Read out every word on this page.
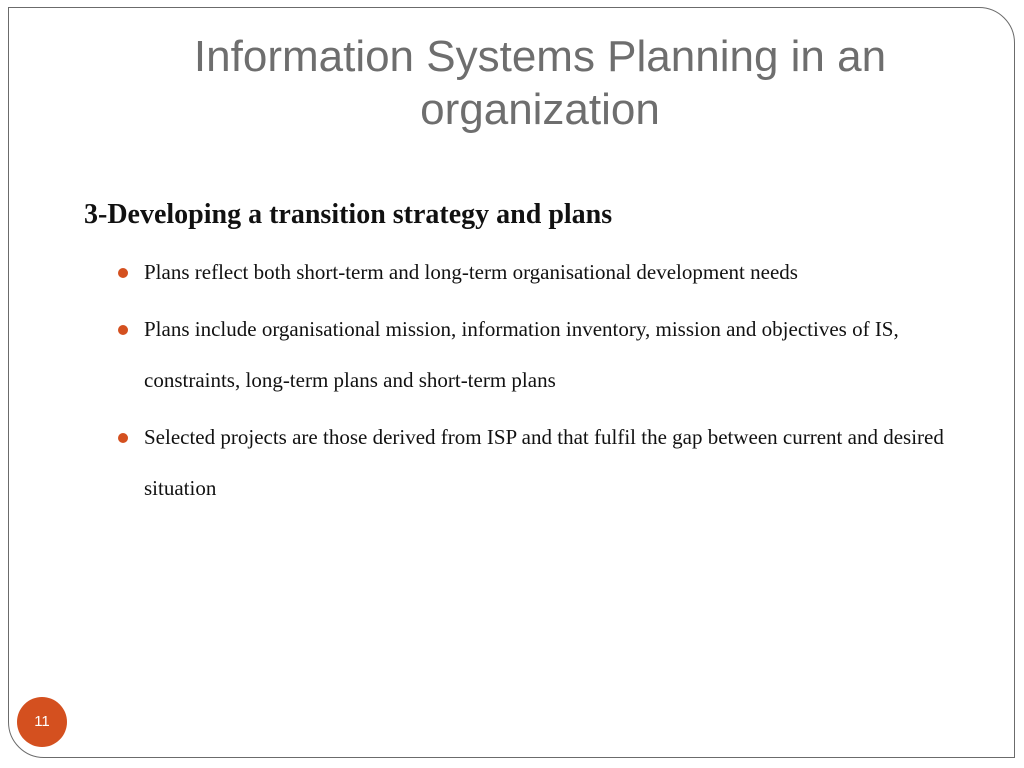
Information Systems Planning in an organization
3-Developing a transition strategy and plans
Plans reflect both short-term and long-term organisational development needs
Plans include organisational mission, information inventory, mission and objectives of IS, constraints, long-term plans and short-term plans
Selected projects are those derived from ISP and that fulfil the gap between current and desired situation
11
